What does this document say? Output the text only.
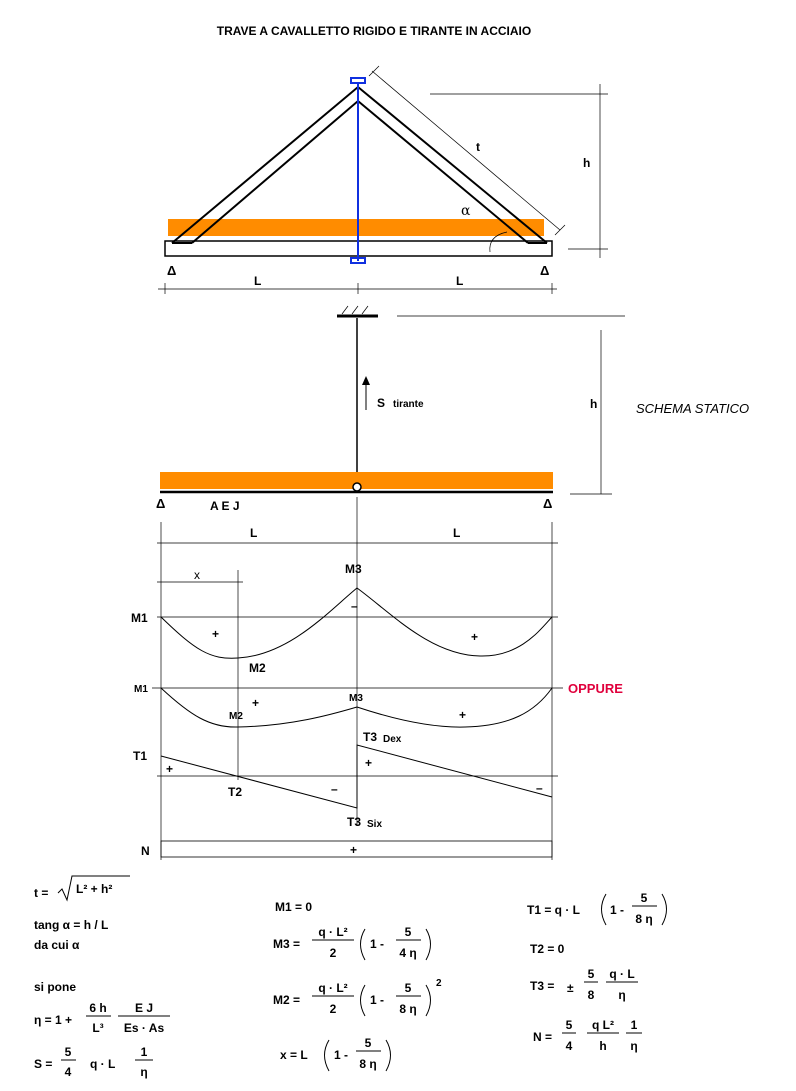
TRAVE A CAVALLETTO RIGIDO E TIRANTE IN ACCIAIO
t
h
α
Δ	Δ
L	L
S tirante	h	SCHEMA STATICO
Δ	Δ
A E J
L	L
x
M1
M2
M3
+	+
–
M1
M2
M3
+
+
OPPURE
T1
T2
T3 Dex
T3 Six
+	+
–	–
N	+
t = L² + h²
tang α = h / L
da cui α
si pone
η = 1 +
6 h
L³
E J
Es · As
S =
5
4
q · L
1
η
M1 = 0
M3 =
q · L²
2
1 -
5
4 η
M2 =
q · L²
2
1 -
5
8 η
2
x = L 1 -
5
8 η
T1 = q · L 1 -
5
8 η
T2 = 0
T3 = ±
5
8
q · L
η
N =
5
4
q L²
h
1
η
